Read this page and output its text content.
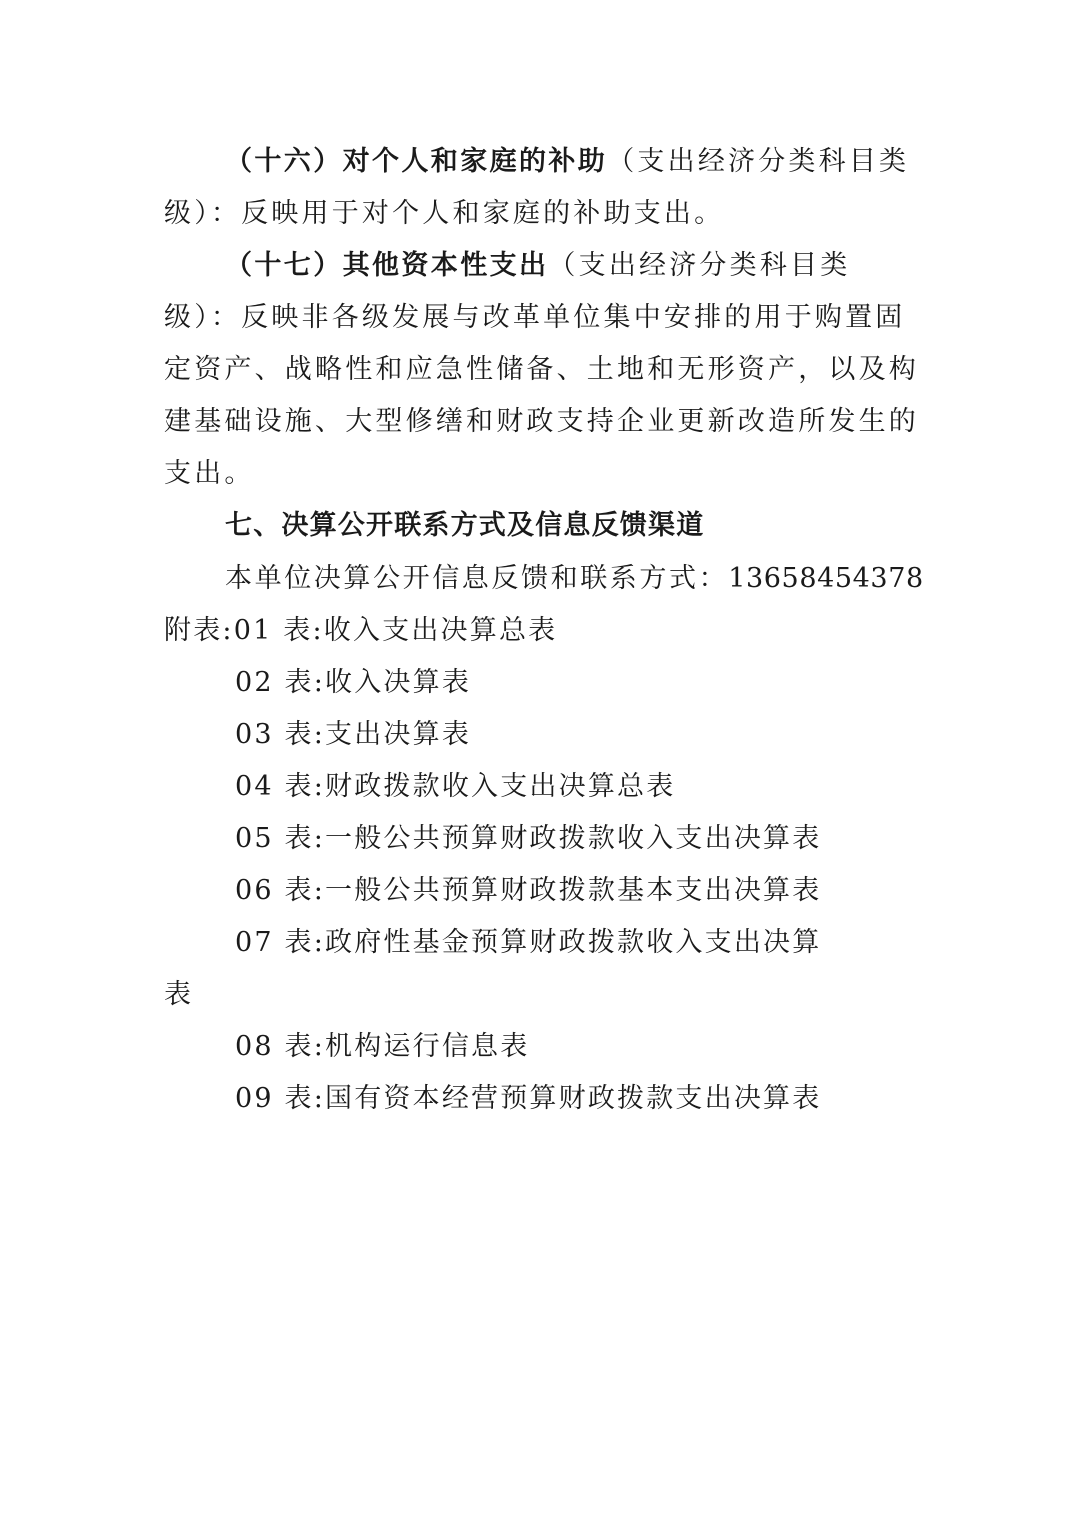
（十六）对个人和家庭的补助（支出经济分类科目类
级）：反映用于对个人和家庭的补助支出。
（十七）其他资本性支出（支出经济分类科目类
级）：反映非各级发展与改革单位集中安排的用于购置固
定资产、战略性和应急性储备、土地和无形资产，以及构
建基础设施、大型修缮和财政支持企业更新改造所发生的
支出。
七、决算公开联系方式及信息反馈渠道
本单位决算公开信息反馈和联系方式：13658454378
附表:01 表:收入支出决算总表
02 表:收入决算表
03 表:支出决算表
04 表:财政拨款收入支出决算总表
05 表:一般公共预算财政拨款收入支出决算表
06 表:一般公共预算财政拨款基本支出决算表
07 表:政府性基金预算财政拨款收入支出决算
表
08 表:机构运行信息表
09 表:国有资本经营预算财政拨款支出决算表
